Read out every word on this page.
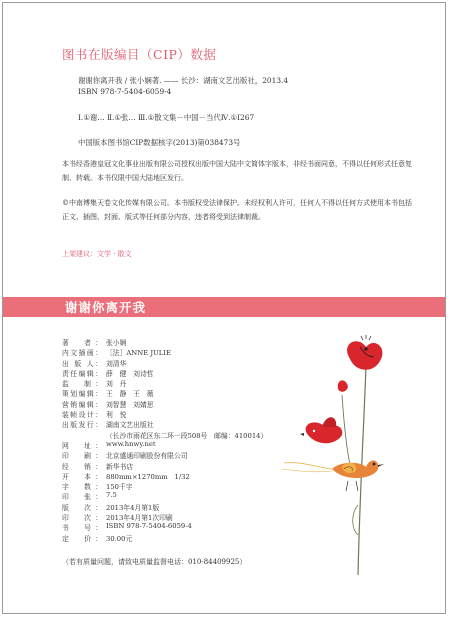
图书在版编目（CIP）数据
谢谢你离开我 / 张小娴著. —— 长沙：湖南文艺出版社，2013.4
ISBN 978-7-5404-6059-4
Ⅰ.①谢… Ⅱ.①张… Ⅲ.①散文集－中国－当代Ⅳ.①I267
中国版本图书馆CIP数据核字(2013)第038473号
本书经香港皇冠文化事业出版有限公司授权出版中国大陆中文简体字版本，非经书面同意，不得以任何形式任意复制、转载。本书仅限中国大陆地区发行。
©中南博集天卷文化传媒有限公司。本书版权受法律保护。未经权利人许可，任何人不得以任何方式使用本书包括正文、插图、封面、版式等任何部分内容，违者将受到法律制裁。
上架建议：文学 · 散文
谢谢你离开我
著　者： 张小娴
内文插画： ［法］ANNE JULIE
出 版 人： 刘清华
责任编辑： 薛　健　刘诗哲
监　制： 刘　丹
策划编辑： 王　静　王　薇
营销编辑： 刘智慧　刘婧思
装帧设计： 利　悦
出版发行： 湖南文艺出版社
（长沙市雨花区东二环一段508号　邮编：410014）
网　址： www.hnwy.net
印　刷： 北京盛通印刷股份有限公司
经　销： 新华书店
开　本： 880mm×1270mm　1/32
字　数： 150千字
印　张： 7.5
版　次： 2013年4月第1版
印　次： 2013年4月第1次印刷
书　号： ISBN 978-7-5404-6059-4
定　价： 30.00元
（若有质量问题，请致电质量监督电话：010-84409925）
